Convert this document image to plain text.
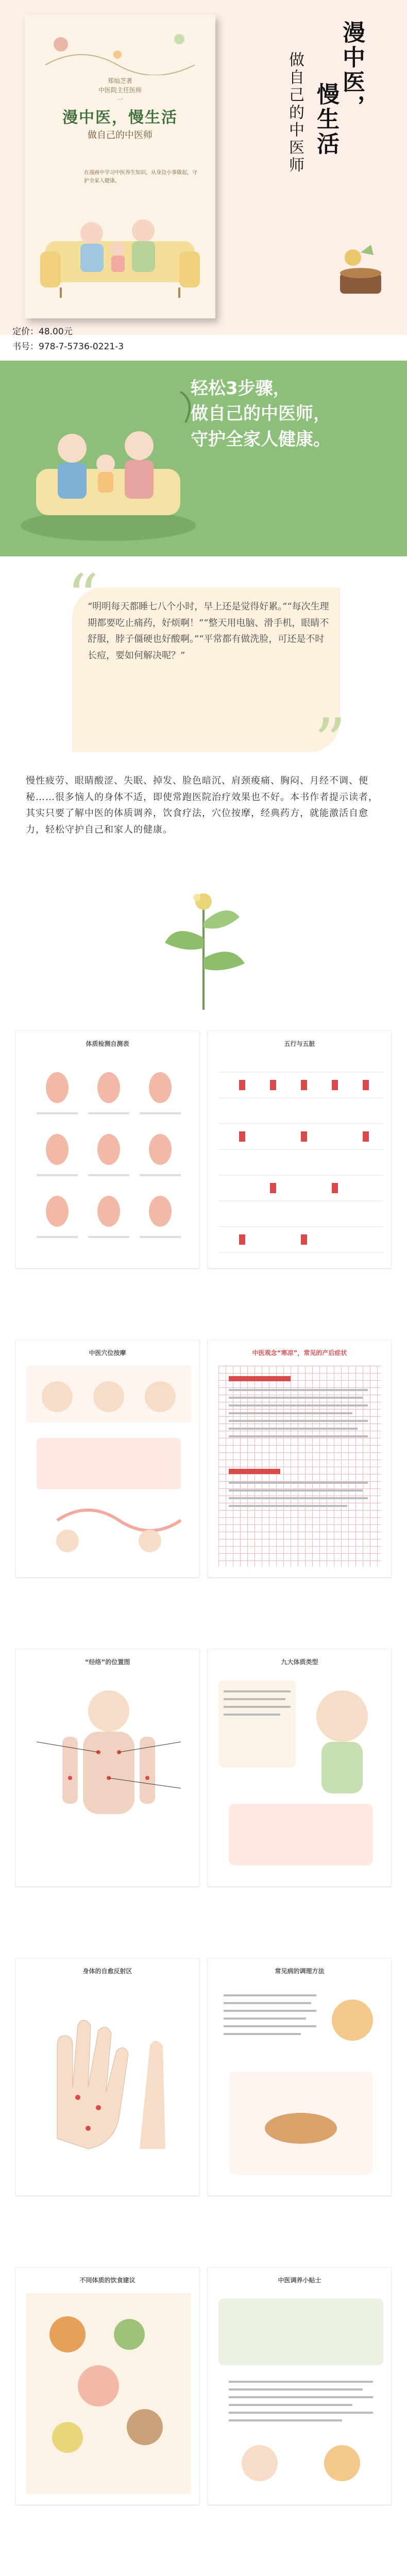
郑灿芝著
中医院主任医师
一
漫中医，慢生活
做自己的中医师
在漫画中学习中医养生知识，从身边小事做起，守护全家人健康。
漫中医，
慢生活
做自己的中医师
定价：48.00元
书号：978-7-5736-0221-3
轻松3步骤，
做自己的中医师，
守护全家人健康。
“明明每天都睡七八个小时，早上还是觉得好累。”“每次生理期都要吃止痛药，好烦啊！”“整天用电脑、滑手机，眼睛不舒服，脖子僵硬也好酸啊。”“平常都有做洗脸，可还是不时长痘，要如何解决呢？”
“
”
慢性疲劳、眼睛酸涩、失眠、掉发、脸色暗沉、肩颈痠痛、胸闷、月经不调、便秘……很多恼人的身体不适，即使常跑医院治疗效果也不好。本书作者提示读者，其实只要了解中医的体质调养，饮食疗法，穴位按摩，经典药方，就能激活自愈力，轻松守护自己和家人的健康。
体质检测自测表	五行与五脏
中医穴位按摩	中医观念“寒凉”，常见的产后症状
“经络”的位置图	九大体质类型
身体的自愈反射区	常见病的调理方法
不同体质的饮食建议	中医调养小贴士
